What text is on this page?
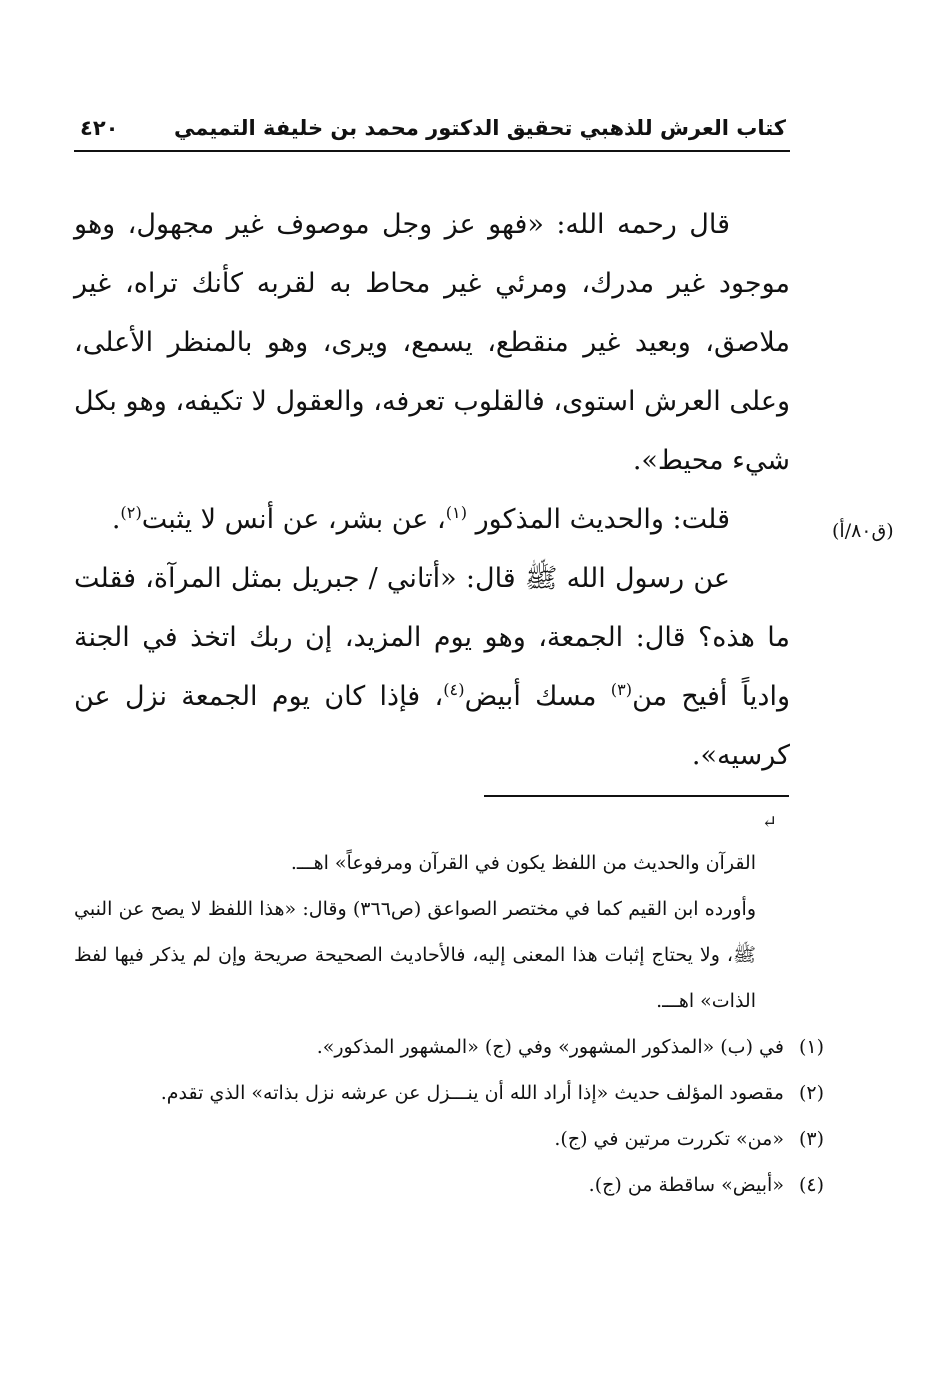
كتاب العرش للذهبي تحقيق الدكتور محمد بن خليفة التميمي
٤٢٠

قال رحمه الله: «فهو عز وجل موصوف غير مجهول، وهو موجود غير مدرك، ومرئي غير محاط به لقربه كأنك تراه، غير ملاصق، وبعيد غير منقطع، يسمع، ويرى، وهو بالمنظر الأعلى، وعلى العرش استوى، فالقلوب تعرفه، والعقول لا تكيفه، وهو بكل شيء محيط».

قلت: والحديث المذكور $^{(١)}$، عن بشر، عن أنس لا يثبت$^{(٢)}$.

عن رسول الله ﷺ قال: «أتاني / جبريل بمثل المرآة، فقلت ما هذه؟ قال: الجمعة، وهو يوم المزيد، إن ربك اتخذ في الجنة وادياً أفيح من$^{(٣)}$ مسك أبيض$^{(٤)}$، فإذا كان يوم الجمعة نزل عن كرسيه».

(ق٨٠/أ)
↵

القرآن والحديث من اللفظ يكون في القرآن ومرفوعاً» اهـــ.

وأورده ابن القيم كما في مختصر الصواعق (ص٣٦٦) وقال: «هذا اللفظ لا يصح عن النبي ﷺ، ولا يحتاج إثبات هذا المعنى إليه، فالأحاديث الصحيحة صريحة وإن لم يذكر فيها لفظ الذات» اهـــ.

(١) في (ب) «المذكور المشهور» وفي (ج) «المشهور المذكور».

(٢) مقصود المؤلف حديث «إذا أراد الله أن ينـــزل عن عرشه نزل بذاته» الذي تقدم.

(٣) «من» تكررت مرتين في (ج).

(٤) «أبيض» ساقطة من (ج).
